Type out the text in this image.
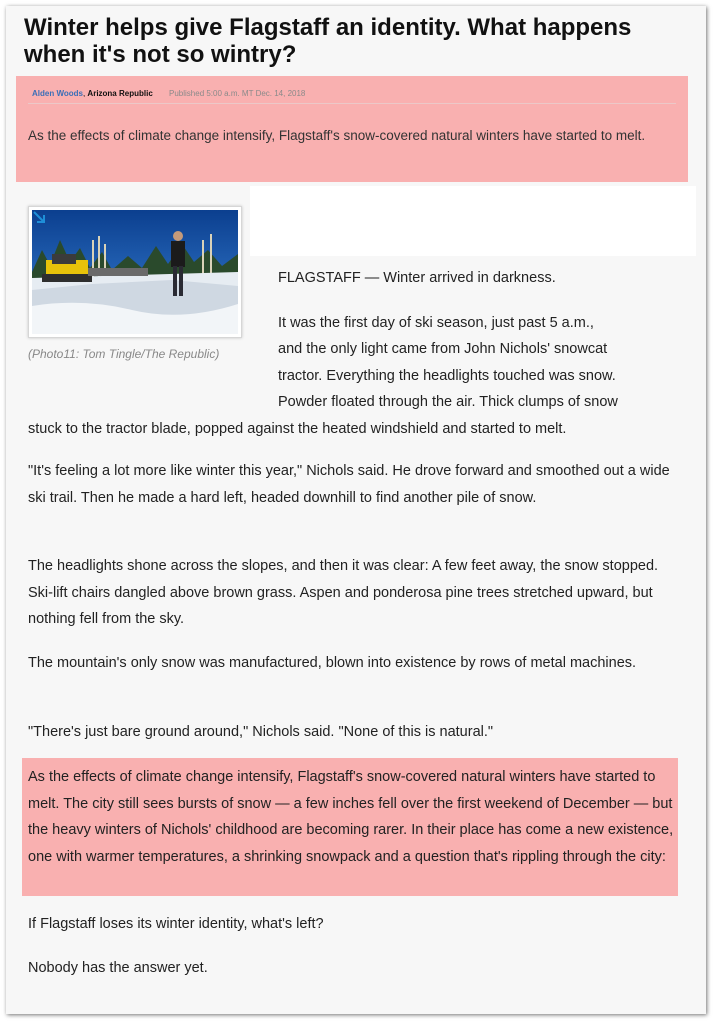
Winter helps give Flagstaff an identity. What happens when it's not so wintry?
Alden Woods, Arizona Republic Published 5:00 a.m. MT Dec. 14, 2018
As the effects of climate change intensify, Flagstaff's snow-covered natural winters have started to melt.
(Photo11: Tom Tingle/The Republic)

FLAGSTAFF — Winter arrived in darkness.

It was the first day of ski season, just past 5 a.m.,

and the only light came from John Nichols' snowcat

tractor. Everything the headlights touched was snow.

Powder floated through the air. Thick clumps of snow

stuck to the tractor blade, popped against the heated windshield and started to melt.

"It's feeling a lot more like winter this year," Nichols said. He drove forward and smoothed out a wide ski trail. Then he made a hard left, headed downhill to find another pile of snow.

The headlights shone across the slopes, and then it was clear: A few feet away, the snow stopped. Ski-lift chairs dangled above brown grass. Aspen and ponderosa pine trees stretched upward, but nothing fell from the sky.

The mountain's only snow was manufactured, blown into existence by rows of metal machines.

"There's just bare ground around," Nichols said. "None of this is natural."

As the effects of climate change intensify, Flagstaff's snow-covered natural winters have started to melt. The city still sees bursts of snow — a few inches fell over the first weekend of December — but the heavy winters of Nichols' childhood are becoming rarer. In their place has come a new existence, one with warmer temperatures, a shrinking snowpack and a question that's rippling through the city:

If Flagstaff loses its winter identity, what's left?

Nobody has the answer yet.
